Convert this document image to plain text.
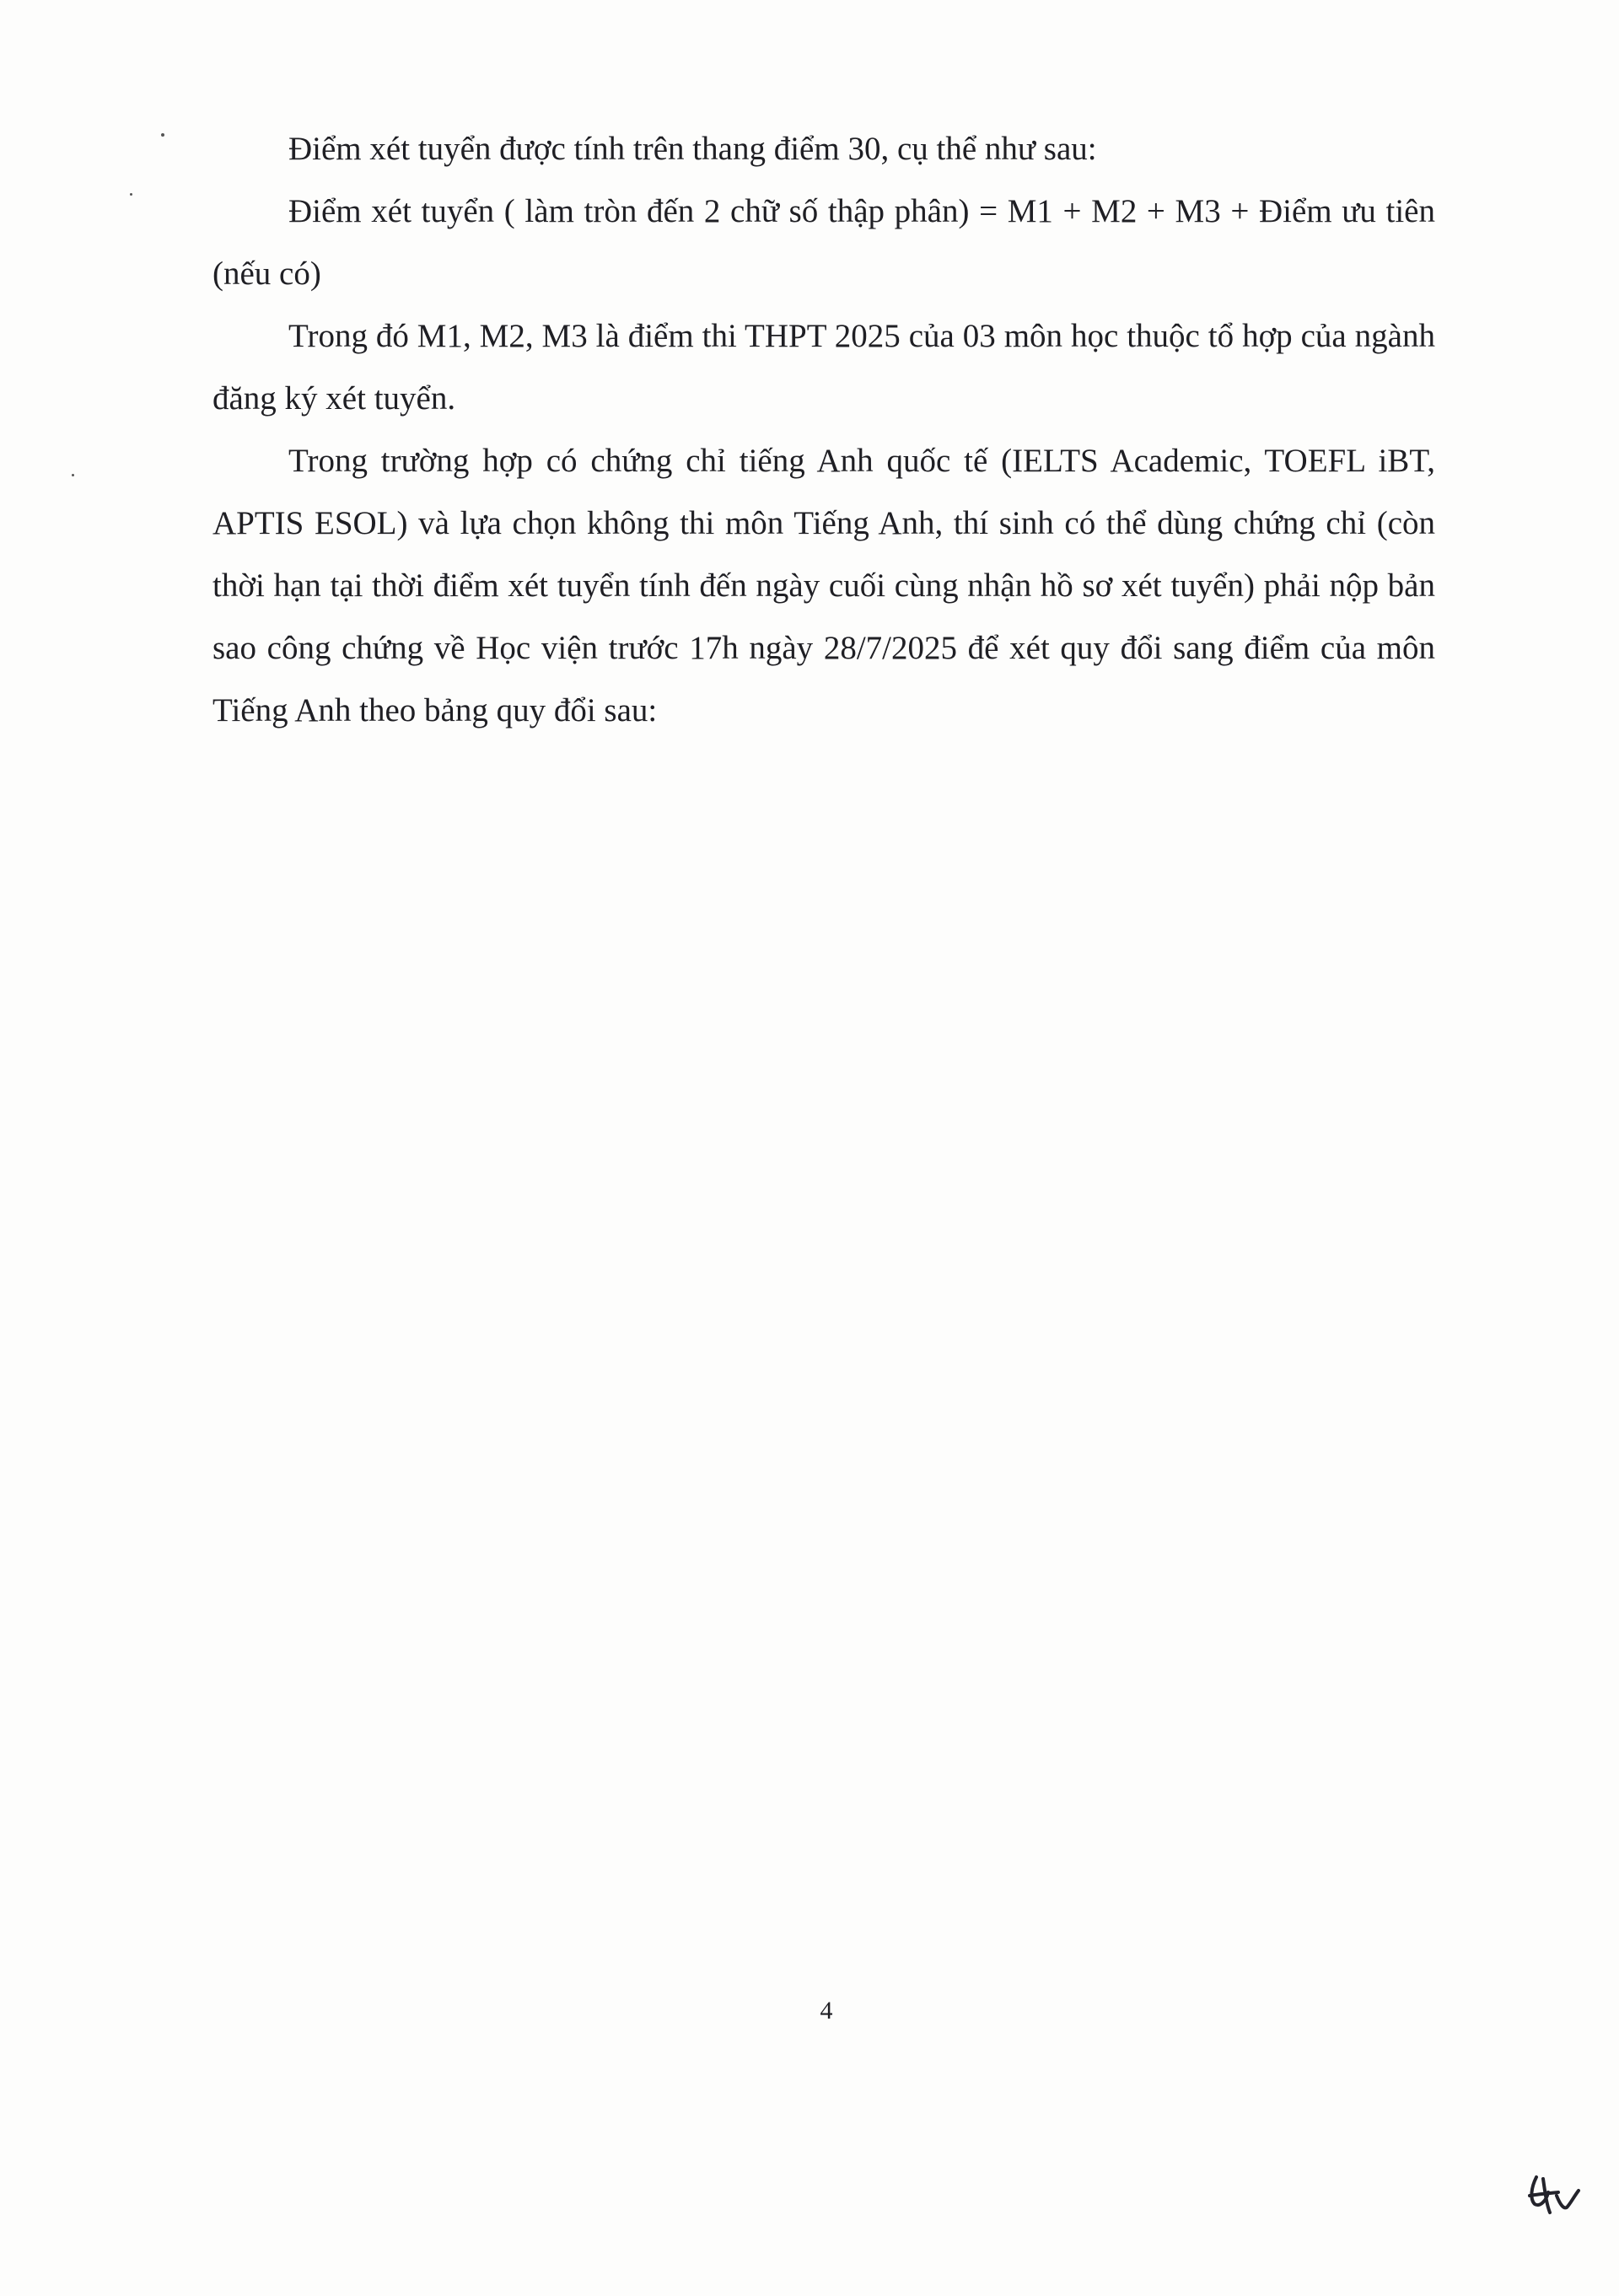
Điểm xét tuyển được tính trên thang điểm 30, cụ thể như sau:

Điểm xét tuyển ( làm tròn đến 2 chữ số thập phân) = M1 + M2 + M3 + Điểm ưu tiên (nếu có)

Trong đó M1, M2, M3 là điểm thi THPT 2025 của 03 môn học thuộc tổ hợp của ngành đăng ký xét tuyển.

Trong trường hợp có chứng chỉ tiếng Anh quốc tế (IELTS Academic, TOEFL iBT, APTIS ESOL) và lựa chọn không thi môn Tiếng Anh, thí sinh có thể dùng chứng chỉ (còn thời hạn tại thời điểm xét tuyển tính đến ngày cuối cùng nhận hồ sơ xét tuyển) phải nộp bản sao công chứng về Học viện trước 17h ngày 28/7/2025 để xét quy đổi sang điểm của môn Tiếng Anh theo bảng quy đổi sau:

4
